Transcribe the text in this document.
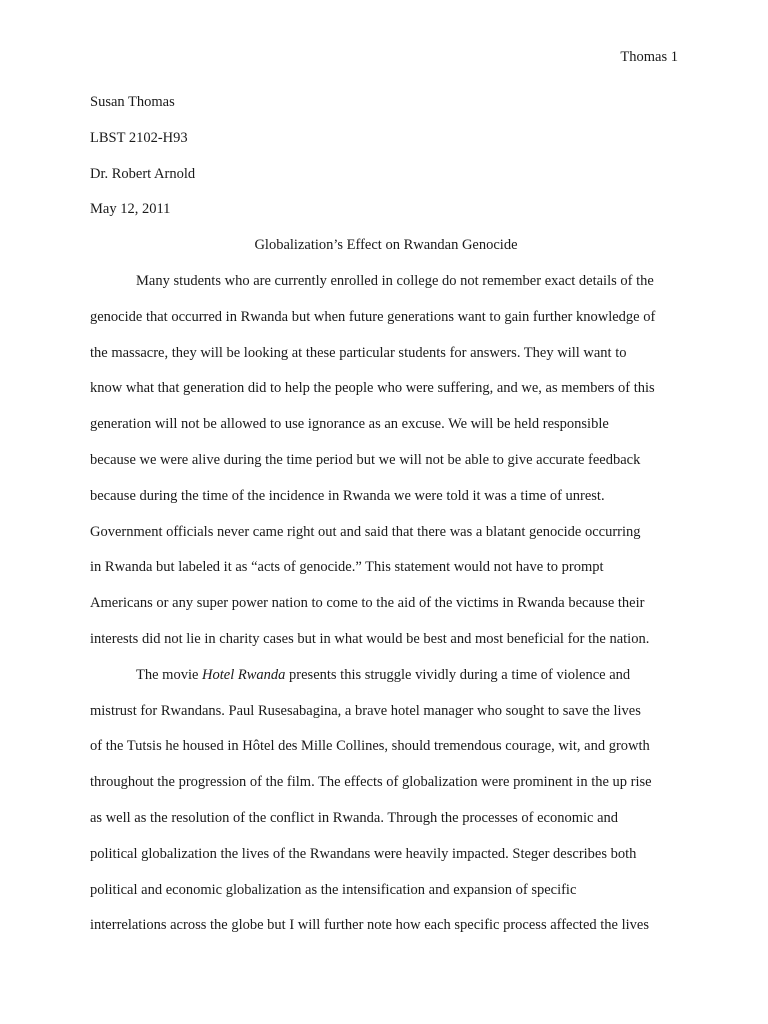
Thomas 1
Susan Thomas
LBST 2102-H93
Dr. Robert Arnold
May 12, 2011
Globalization’s Effect on Rwandan Genocide
Many students who are currently enrolled in college do not remember exact details of the
genocide that occurred in Rwanda but when future generations want to gain further knowledge of
the massacre, they will be looking at these particular students for answers. They will want to
know what that generation did to help the people who were suffering, and we, as members of this
generation will not be allowed to use ignorance as an excuse. We will be held responsible
because we were alive during the time period but we will not be able to give accurate feedback
because during the time of the incidence in Rwanda we were told it was a time of unrest.
Government officials never came right out and said that there was a blatant genocide occurring
in Rwanda but labeled it as “acts of genocide.” This statement would not have to prompt
Americans or any super power nation to come to the aid of the victims in Rwanda because their
interests did not lie in charity cases but in what would be best and most beneficial for the nation.
The movie Hotel Rwanda presents this struggle vividly during a time of violence and
mistrust for Rwandans. Paul Rusesabagina, a brave hotel manager who sought to save the lives
of the Tutsis he housed in Hôtel des Mille Collines, should tremendous courage, wit, and growth
throughout the progression of the film. The effects of globalization were prominent in the up rise
as well as the resolution of the conflict in Rwanda. Through the processes of economic and
political globalization the lives of the Rwandans were heavily impacted. Steger describes both
political and economic globalization as the intensification and expansion of specific
interrelations across the globe but I will further note how each specific process affected the lives
